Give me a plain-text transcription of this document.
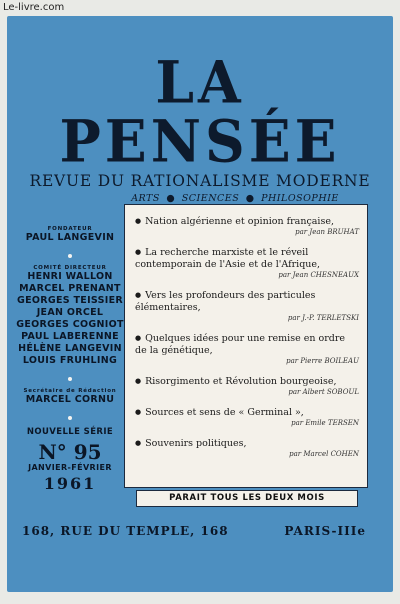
Le-livre.com
LA PENSÉE
REVUE DU RATIONALISME MODERNE
ARTS ● SCIENCES ● PHILOSOPHIE
FONDATEUR
PAUL LANGEVIN
COMITÉ DIRECTEUR
HENRI WALLON
MARCEL PRENANT
GEORGES TEISSIER
JEAN ORCEL
GEORGES COGNIOT
PAUL LABERENNE
HÉLÈNE LANGEVIN
LOUIS FRUHLING
Secrétaire de Rédaction
MARCEL CORNU
NOUVELLE SÉRIE
N° 95
JANVIER-FÉVRIER
1961
● Nation algérienne et opinion française,
par Jean BRUHAT
● La recherche marxiste et le réveil contemporain de l'Asie et de l'Afrique,
par Jean CHESNEAUX
● Vers les profondeurs des particules élémentaires,
par J.-P. TERLETSKI
● Quelques idées pour une remise en ordre de la génétique,
par Pierre BOILEAU
● Risorgimento et Révolution bourgeoise,
par Albert SOBOUL
● Sources et sens de « Germinal »,
par Emile TERSEN
● Souvenirs politiques,
par Marcel COHEN
PARAIT TOUS LES DEUX MOIS
168, RUE DU TEMPLE, 168	PARIS-IIIe
